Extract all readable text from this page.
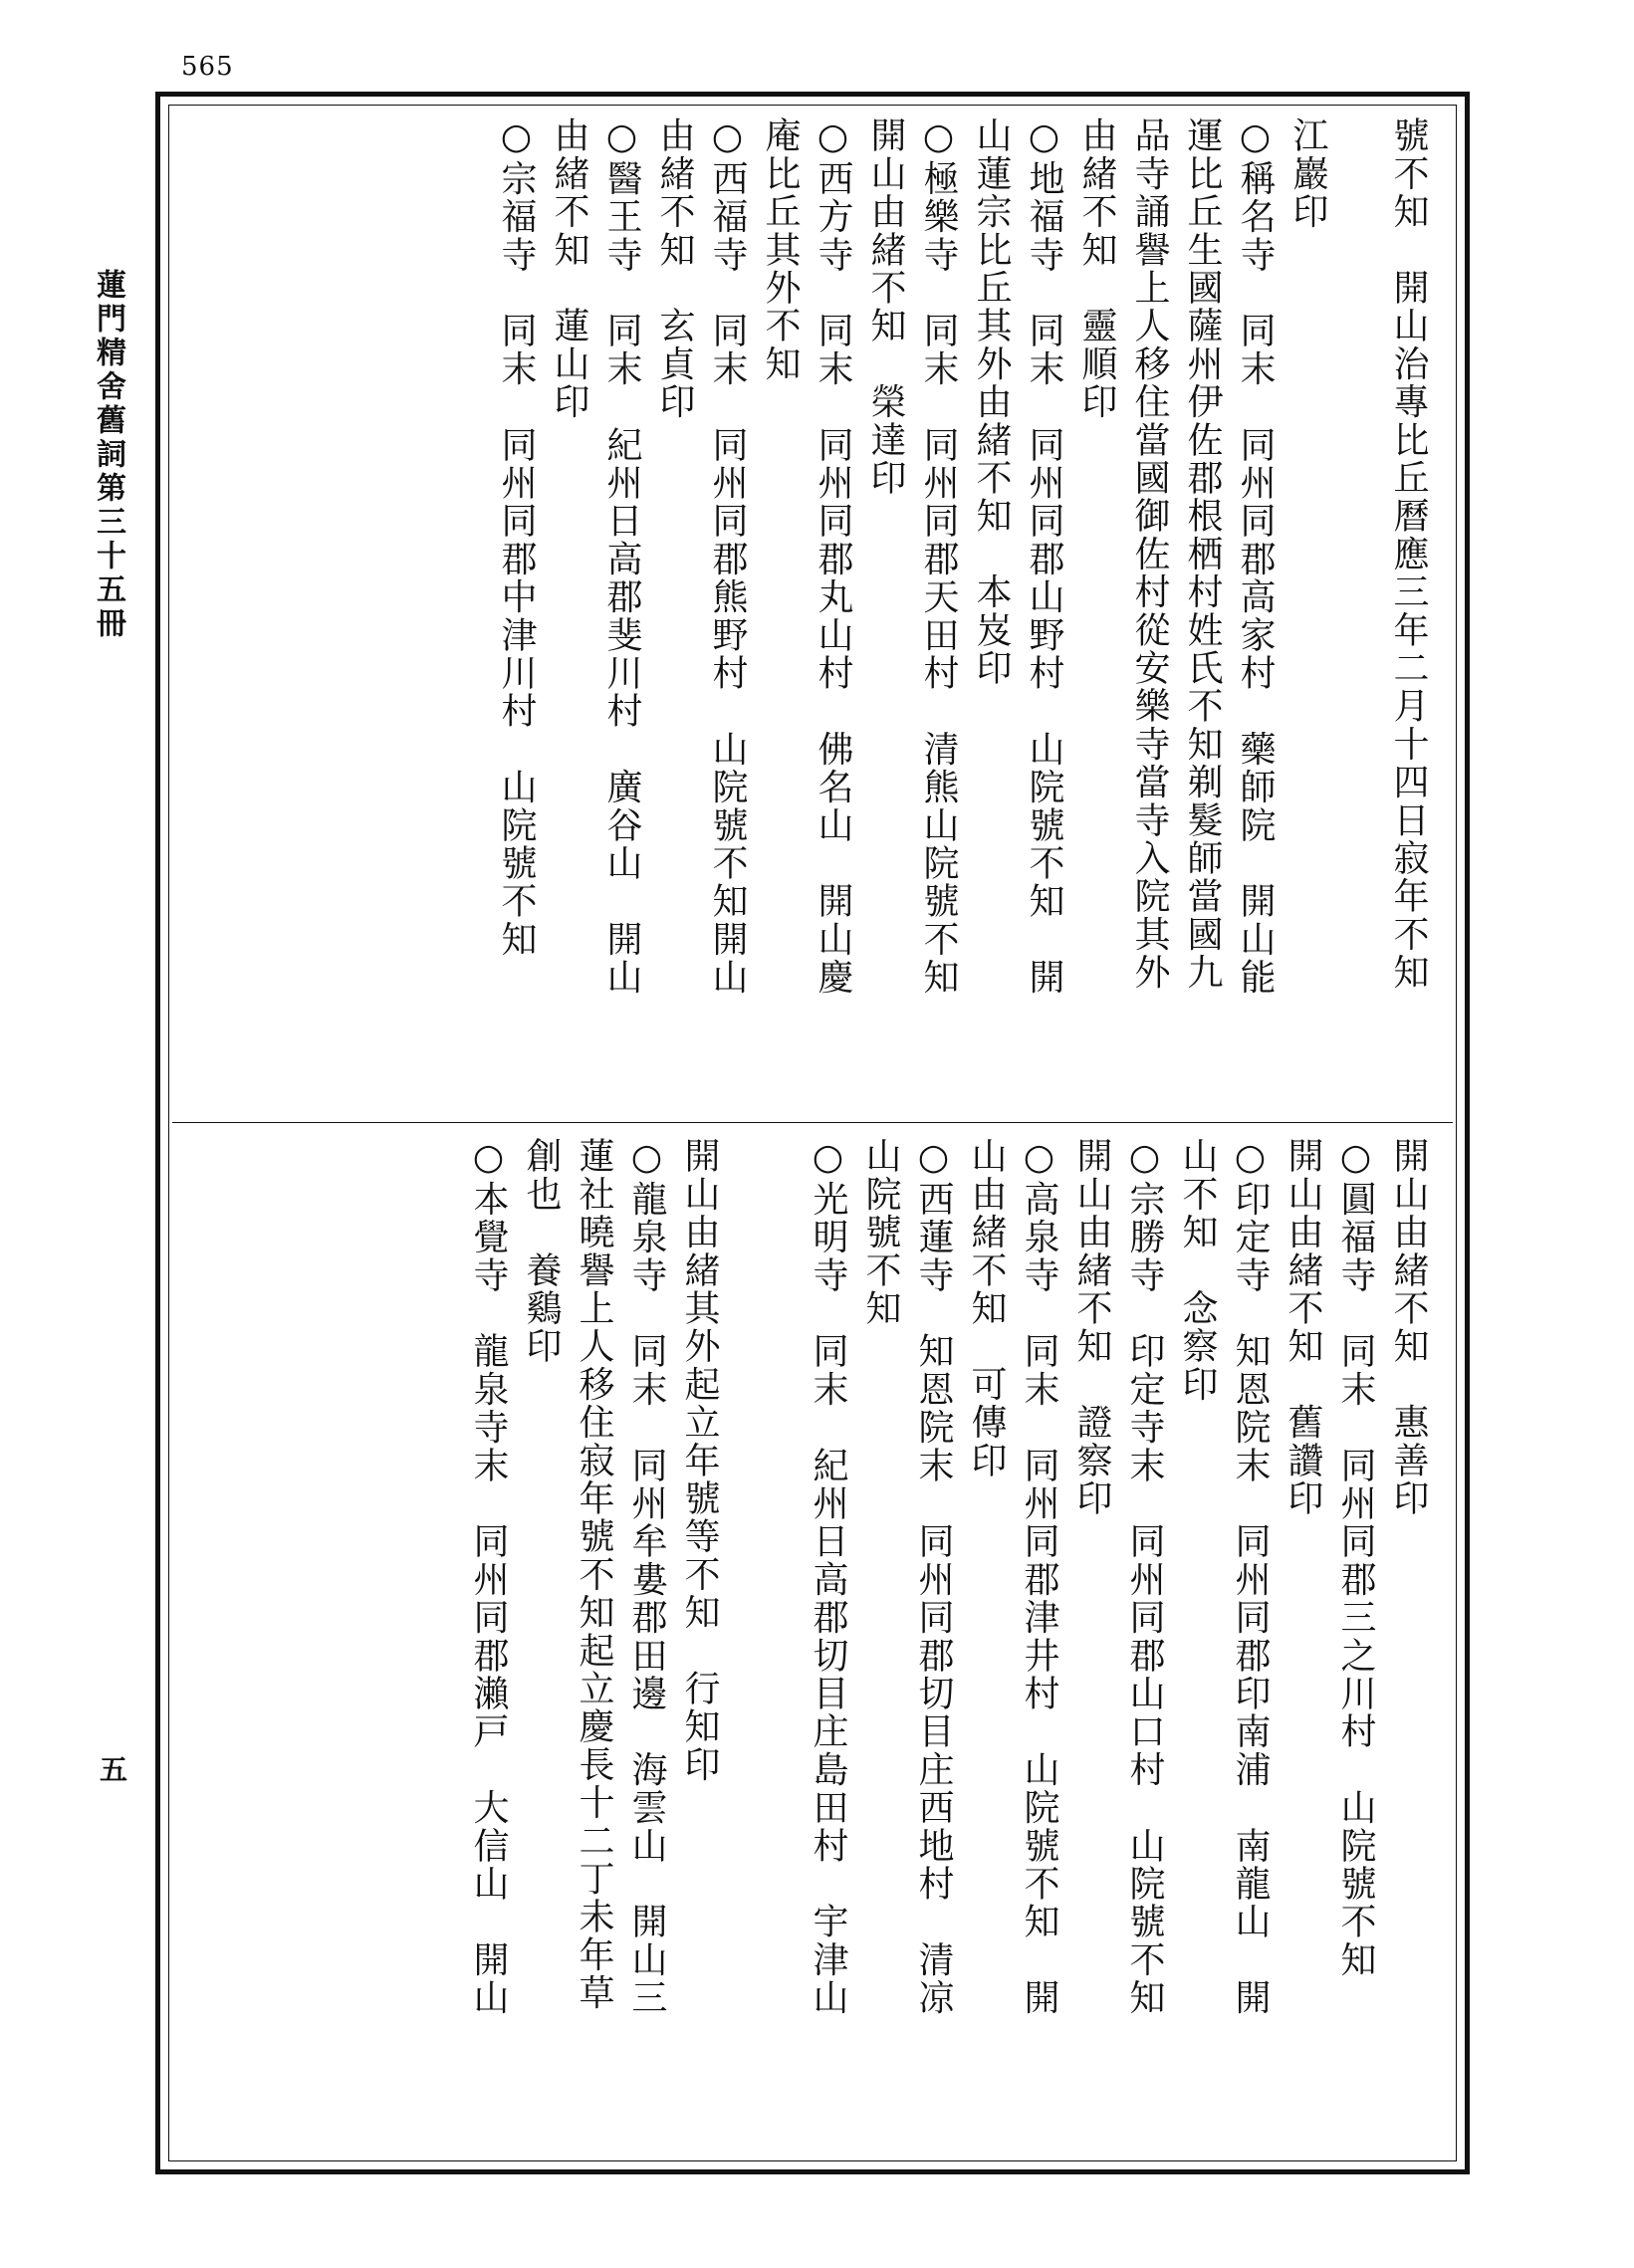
565
蓮門精舍舊詞第三十五冊
五
號不知　開山治專比丘曆應三年二月十四日寂年不知
江巖印
○稱名寺　同末　同州同郡高家村　藥師院　開山能
運比丘生國薩州伊佐郡根栖村姓氏不知剃髮師當國九
品寺誦譽上人移住當國御佐村從安樂寺當寺入院其外
由緒不知　靈順印
○地福寺　同末　同州同郡山野村　山院號不知　開
山蓮宗比丘其外由緒不知　本岌印
○極樂寺　同末　同州同郡天田村　清熊山院號不知
開山由緒不知　榮達印
○西方寺　同末　同州同郡丸山村　佛名山　開山慶
庵比丘其外不知
○西福寺　同末　同州同郡熊野村　山院號不知開山
由緒不知　玄貞印
○醫王寺　同末　紀州日高郡斐川村　廣谷山　開山
由緒不知　蓮山印
○宗福寺　同末　同州同郡中津川村　山院號不知
開山由緒不知　惠善印
○圓福寺　同末　同州同郡三之川村　山院號不知
開山由緒不知　舊讚印
○印定寺　知恩院末　同州同郡印南浦　南龍山　開
山不知　念察印
○宗勝寺　印定寺末　同州同郡山口村　山院號不知
開山由緒不知　證察印
○高泉寺　同末　同州同郡津井村　山院號不知　開
山由緒不知　可傳印
○西蓮寺　知恩院末　同州同郡切目庄西地村　清凉
山院號不知
○光明寺　同末　紀州日高郡切目庄島田村　宇津山
開山由緒其外起立年號等不知　行知印
○龍泉寺　同末　同州牟婁郡田邊　海雲山　開山三
蓮社曉譽上人移住寂年號不知起立慶長十二丁未年草
創也　養鷄印
○本覺寺　龍泉寺末　同州同郡瀨戸　大信山　開山
